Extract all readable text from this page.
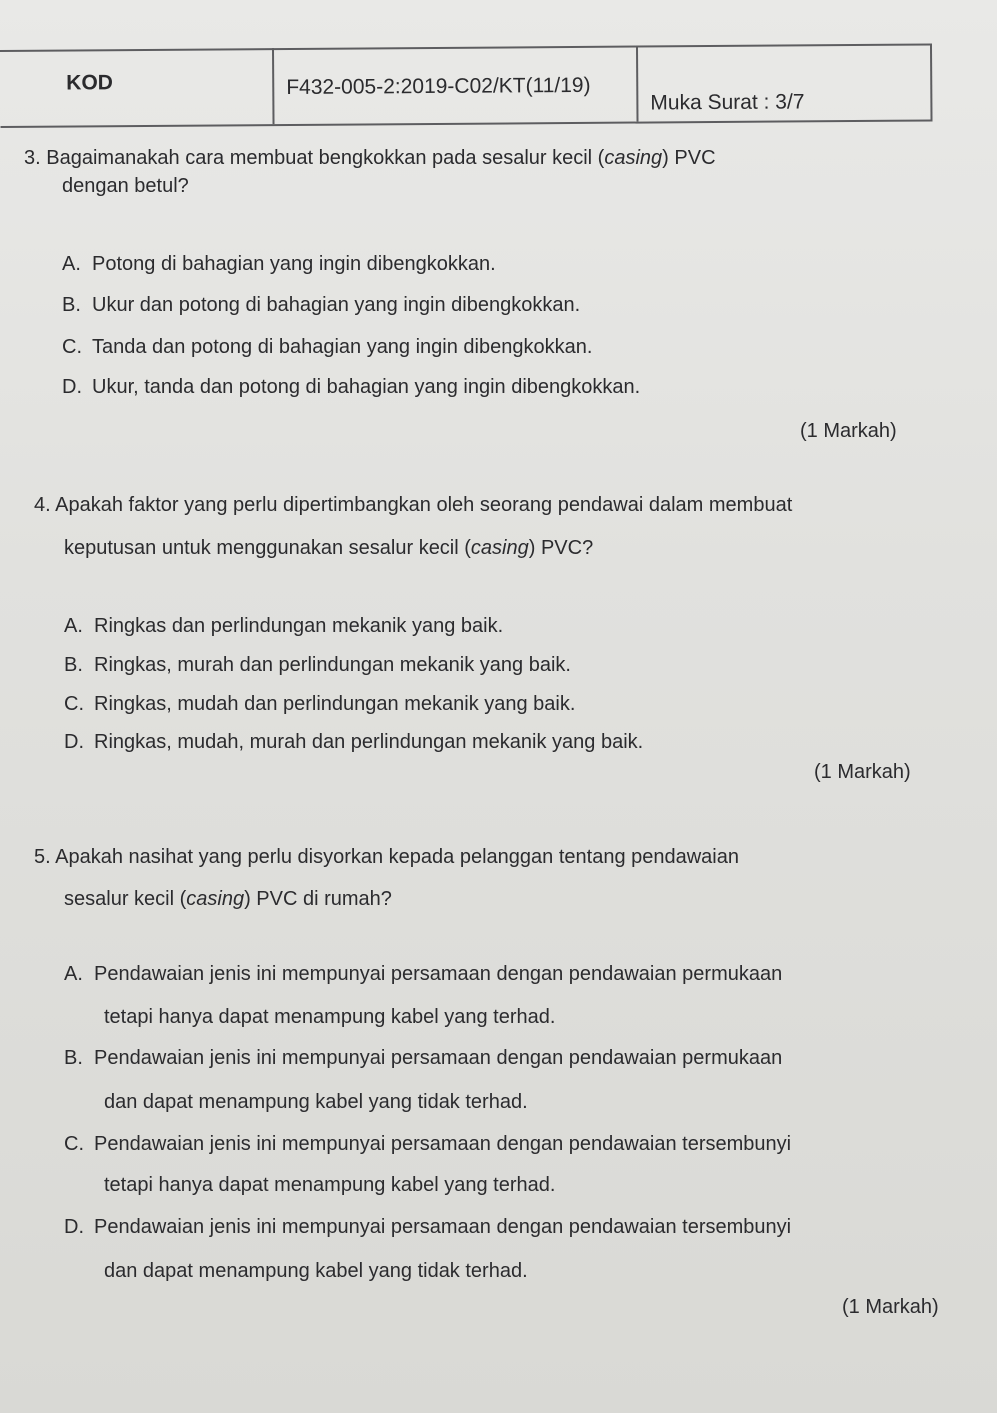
KOD	F432-005-2:2019-C02/KT(11/19)
Muka Surat : 3/7
3. Bagaimanakah cara membuat bengkokkan pada sesalur kecil (casing) PVC
dengan betul?
A. Potong di bahagian yang ingin dibengkokkan.
B. Ukur dan potong di bahagian yang ingin dibengkokkan.
C. Tanda dan potong di bahagian yang ingin dibengkokkan.
D. Ukur, tanda dan potong di bahagian yang ingin dibengkokkan.
(1 Markah)
4. Apakah faktor yang perlu dipertimbangkan oleh seorang pendawai dalam membuat
keputusan untuk menggunakan sesalur kecil (casing) PVC?
A. Ringkas dan perlindungan mekanik yang baik.
B. Ringkas, murah dan perlindungan mekanik yang baik.
C. Ringkas, mudah dan perlindungan mekanik yang baik.
D. Ringkas, mudah, murah dan perlindungan mekanik yang baik.
(1 Markah)
5. Apakah nasihat yang perlu disyorkan kepada pelanggan tentang pendawaian
sesalur kecil (casing) PVC di rumah?
A. Pendawaian jenis ini mempunyai persamaan dengan pendawaian permukaan
tetapi hanya dapat menampung kabel yang terhad.
B. Pendawaian jenis ini mempunyai persamaan dengan pendawaian permukaan
dan dapat menampung kabel yang tidak terhad.
C. Pendawaian jenis ini mempunyai persamaan dengan pendawaian tersembunyi
tetapi hanya dapat menampung kabel yang terhad.
D. Pendawaian jenis ini mempunyai persamaan dengan pendawaian tersembunyi
dan dapat menampung kabel yang tidak terhad.
(1 Markah)
